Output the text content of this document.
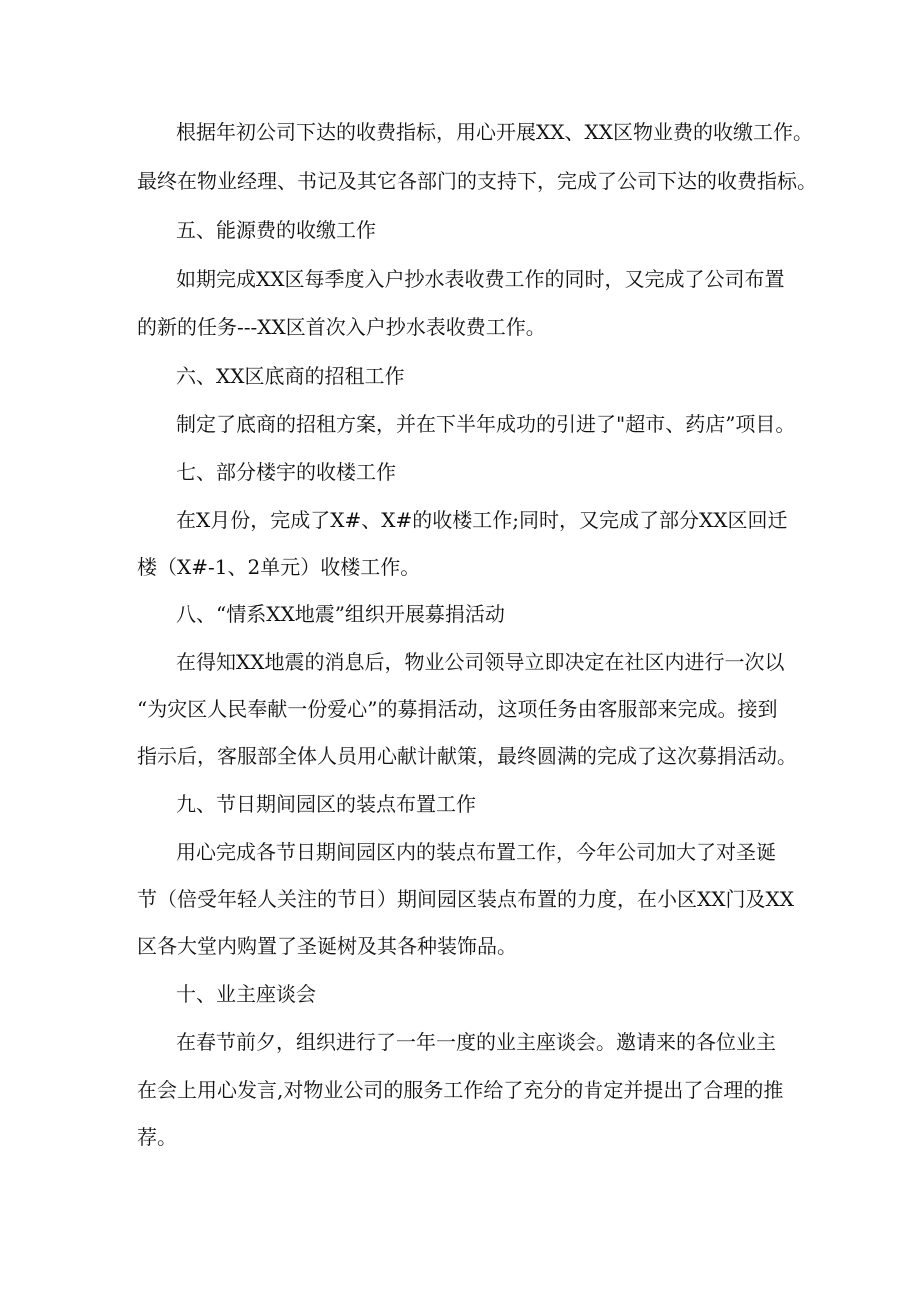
根据年初公司下达的收费指标，用心开展XX、XX区物业费的收缴工作。
最终在物业经理、书记及其它各部门的支持下，完成了公司下达的收费指标。
五、能源费的收缴工作
如期完成XX区每季度入户抄水表收费工作的同时，又完成了公司布置
的新的任务---XX区首次入户抄水表收费工作。
六、XX区底商的招租工作
制定了底商的招租方案，并在下半年成功的引进了"超市、药店”项目。
七、部分楼宇的收楼工作
在X月份，完成了X#、X#的收楼工作;同时，又完成了部分XX区回迁
楼（X#-1、2单元）收楼工作。
八、“情系XX地震”组织开展募捐活动
在得知XX地震的消息后，物业公司领导立即决定在社区内进行一次以
“为灾区人民奉献一份爱心”的募捐活动，这项任务由客服部来完成。接到
指示后，客服部全体人员用心献计献策，最终圆满的完成了这次募捐活动。
九、节日期间园区的装点布置工作
用心完成各节日期间园区内的装点布置工作，今年公司加大了对圣诞
节（倍受年轻人关注的节日）期间园区装点布置的力度，在小区XX门及XX
区各大堂内购置了圣诞树及其各种装饰品。
十、业主座谈会
在春节前夕，组织进行了一年一度的业主座谈会。邀请来的各位业主
在会上用心发言,对物业公司的服务工作给了充分的肯定并提出了合理的推
荐。
